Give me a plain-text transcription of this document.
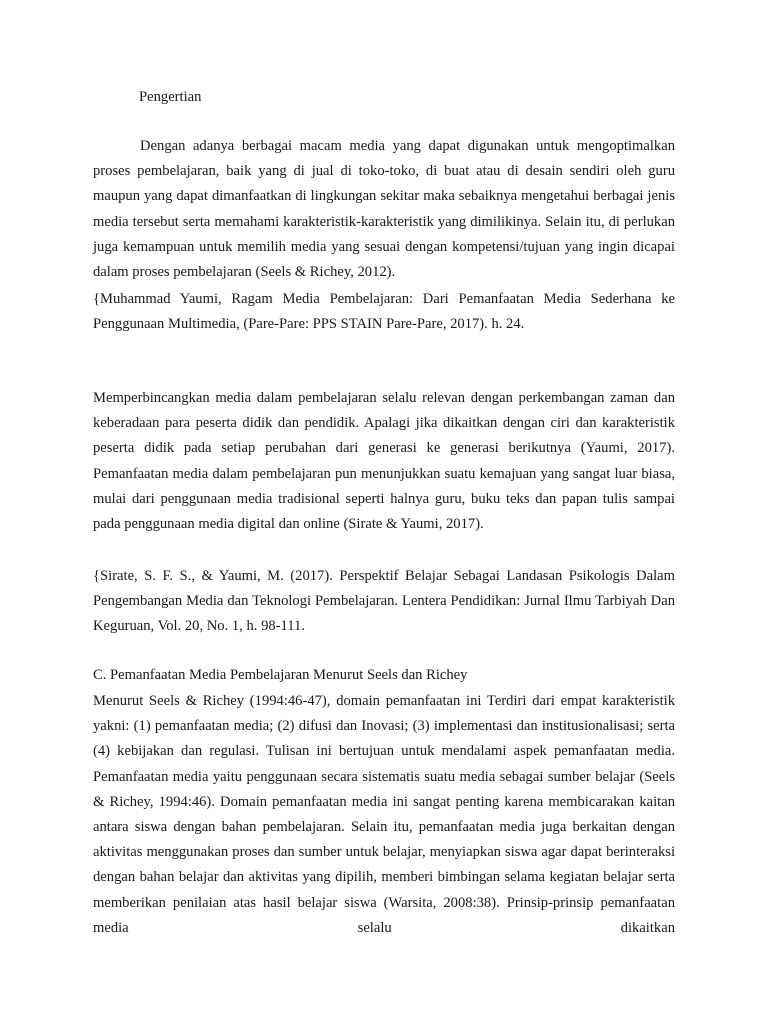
Pengertian

Dengan adanya berbagai macam media yang dapat digunakan untuk mengoptimalkan proses pembelajaran, baik yang di jual di toko-toko, di buat atau di desain sendiri oleh guru maupun yang dapat dimanfaatkan di lingkungan sekitar maka sebaiknya mengetahui berbagai jenis media tersebut serta memahami karakteristik-karakteristik yang dimilikinya. Selain itu, di perlukan juga kemampuan untuk memilih media yang sesuai dengan kompetensi/tujuan yang ingin dicapai dalam proses pembelajaran (Seels & Richey, 2012).

{Muhammad Yaumi, Ragam Media Pembelajaran: Dari Pemanfaatan Media Sederhana ke Penggunaan Multimedia, (Pare-Pare: PPS STAIN Pare-Pare, 2017). h. 24.

Memperbincangkan media dalam pembelajaran selalu relevan dengan perkembangan zaman dan keberadaan para peserta didik dan pendidik. Apalagi jika dikaitkan dengan ciri dan karakteristik peserta didik pada setiap perubahan dari generasi ke generasi berikutnya (Yaumi, 2017). Pemanfaatan media dalam pembelajaran pun menunjukkan suatu kemajuan yang sangat luar biasa, mulai dari penggunaan media tradisional seperti halnya guru, buku teks dan papan tulis sampai pada penggunaan media digital dan online (Sirate & Yaumi, 2017).

{Sirate, S. F. S., & Yaumi, M. (2017). Perspektif Belajar Sebagai Landasan Psikologis Dalam Pengembangan Media dan Teknologi Pembelajaran. Lentera Pendidikan: Jurnal Ilmu Tarbiyah Dan Keguruan, Vol. 20, No. 1, h. 98-111.

C. Pemanfaatan Media Pembelajaran Menurut Seels dan Richey

Menurut Seels & Richey (1994:46-47), domain pemanfaatan ini Terdiri dari empat karakteristik yakni: (1) pemanfaatan media; (2) difusi dan Inovasi; (3) implementasi dan institusionalisasi; serta (4) kebijakan dan regulasi. Tulisan ini bertujuan untuk mendalami aspek pemanfaatan media. Pemanfaatan media yaitu penggunaan secara sistematis suatu media sebagai sumber belajar (Seels & Richey, 1994:46). Domain pemanfaatan media ini sangat penting karena membicarakan kaitan antara siswa dengan bahan pembelajaran. Selain itu, pemanfaatan media juga berkaitan dengan aktivitas menggunakan proses dan sumber untuk belajar, menyiapkan siswa agar dapat berinteraksi dengan bahan belajar dan aktivitas yang dipilih, memberi bimbingan selama kegiatan belajar serta memberikan penilaian atas hasil belajar siswa (Warsita, 2008:38). Prinsip-prinsip pemanfaatan media selalu dikaitkan
